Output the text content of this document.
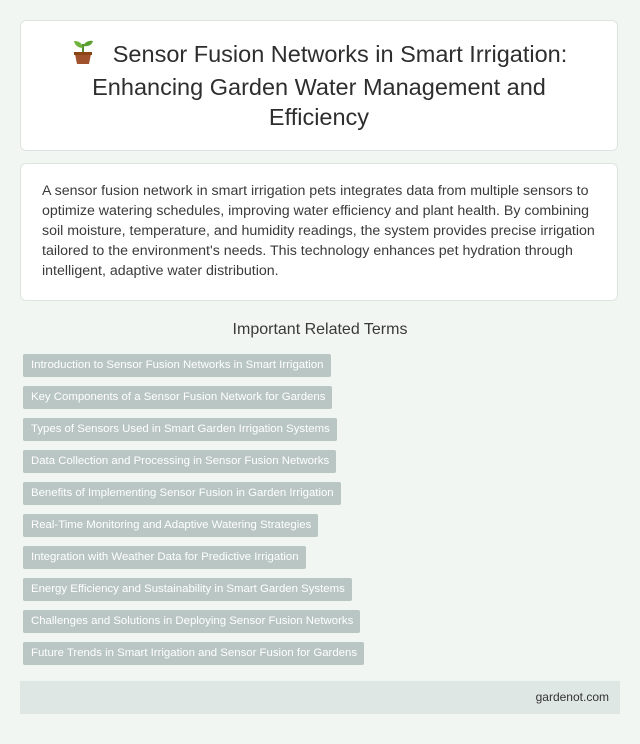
Sensor Fusion Networks in Smart Irrigation: Enhancing Garden Water Management and Efficiency

A sensor fusion network in smart irrigation pets integrates data from multiple sensors to optimize watering schedules, improving water efficiency and plant health. By combining soil moisture, temperature, and humidity readings, the system provides precise irrigation tailored to the environment's needs. This technology enhances pet hydration through intelligent, adaptive water distribution.

Important Related Terms
Introduction to Sensor Fusion Networks in Smart Irrigation
Key Components of a Sensor Fusion Network for Gardens
Types of Sensors Used in Smart Garden Irrigation Systems
Data Collection and Processing in Sensor Fusion Networks
Benefits of Implementing Sensor Fusion in Garden Irrigation
Real-Time Monitoring and Adaptive Watering Strategies
Integration with Weather Data for Predictive Irrigation
Energy Efficiency and Sustainability in Smart Garden Systems
Challenges and Solutions in Deploying Sensor Fusion Networks
Future Trends in Smart Irrigation and Sensor Fusion for Gardens
gardenot.com
